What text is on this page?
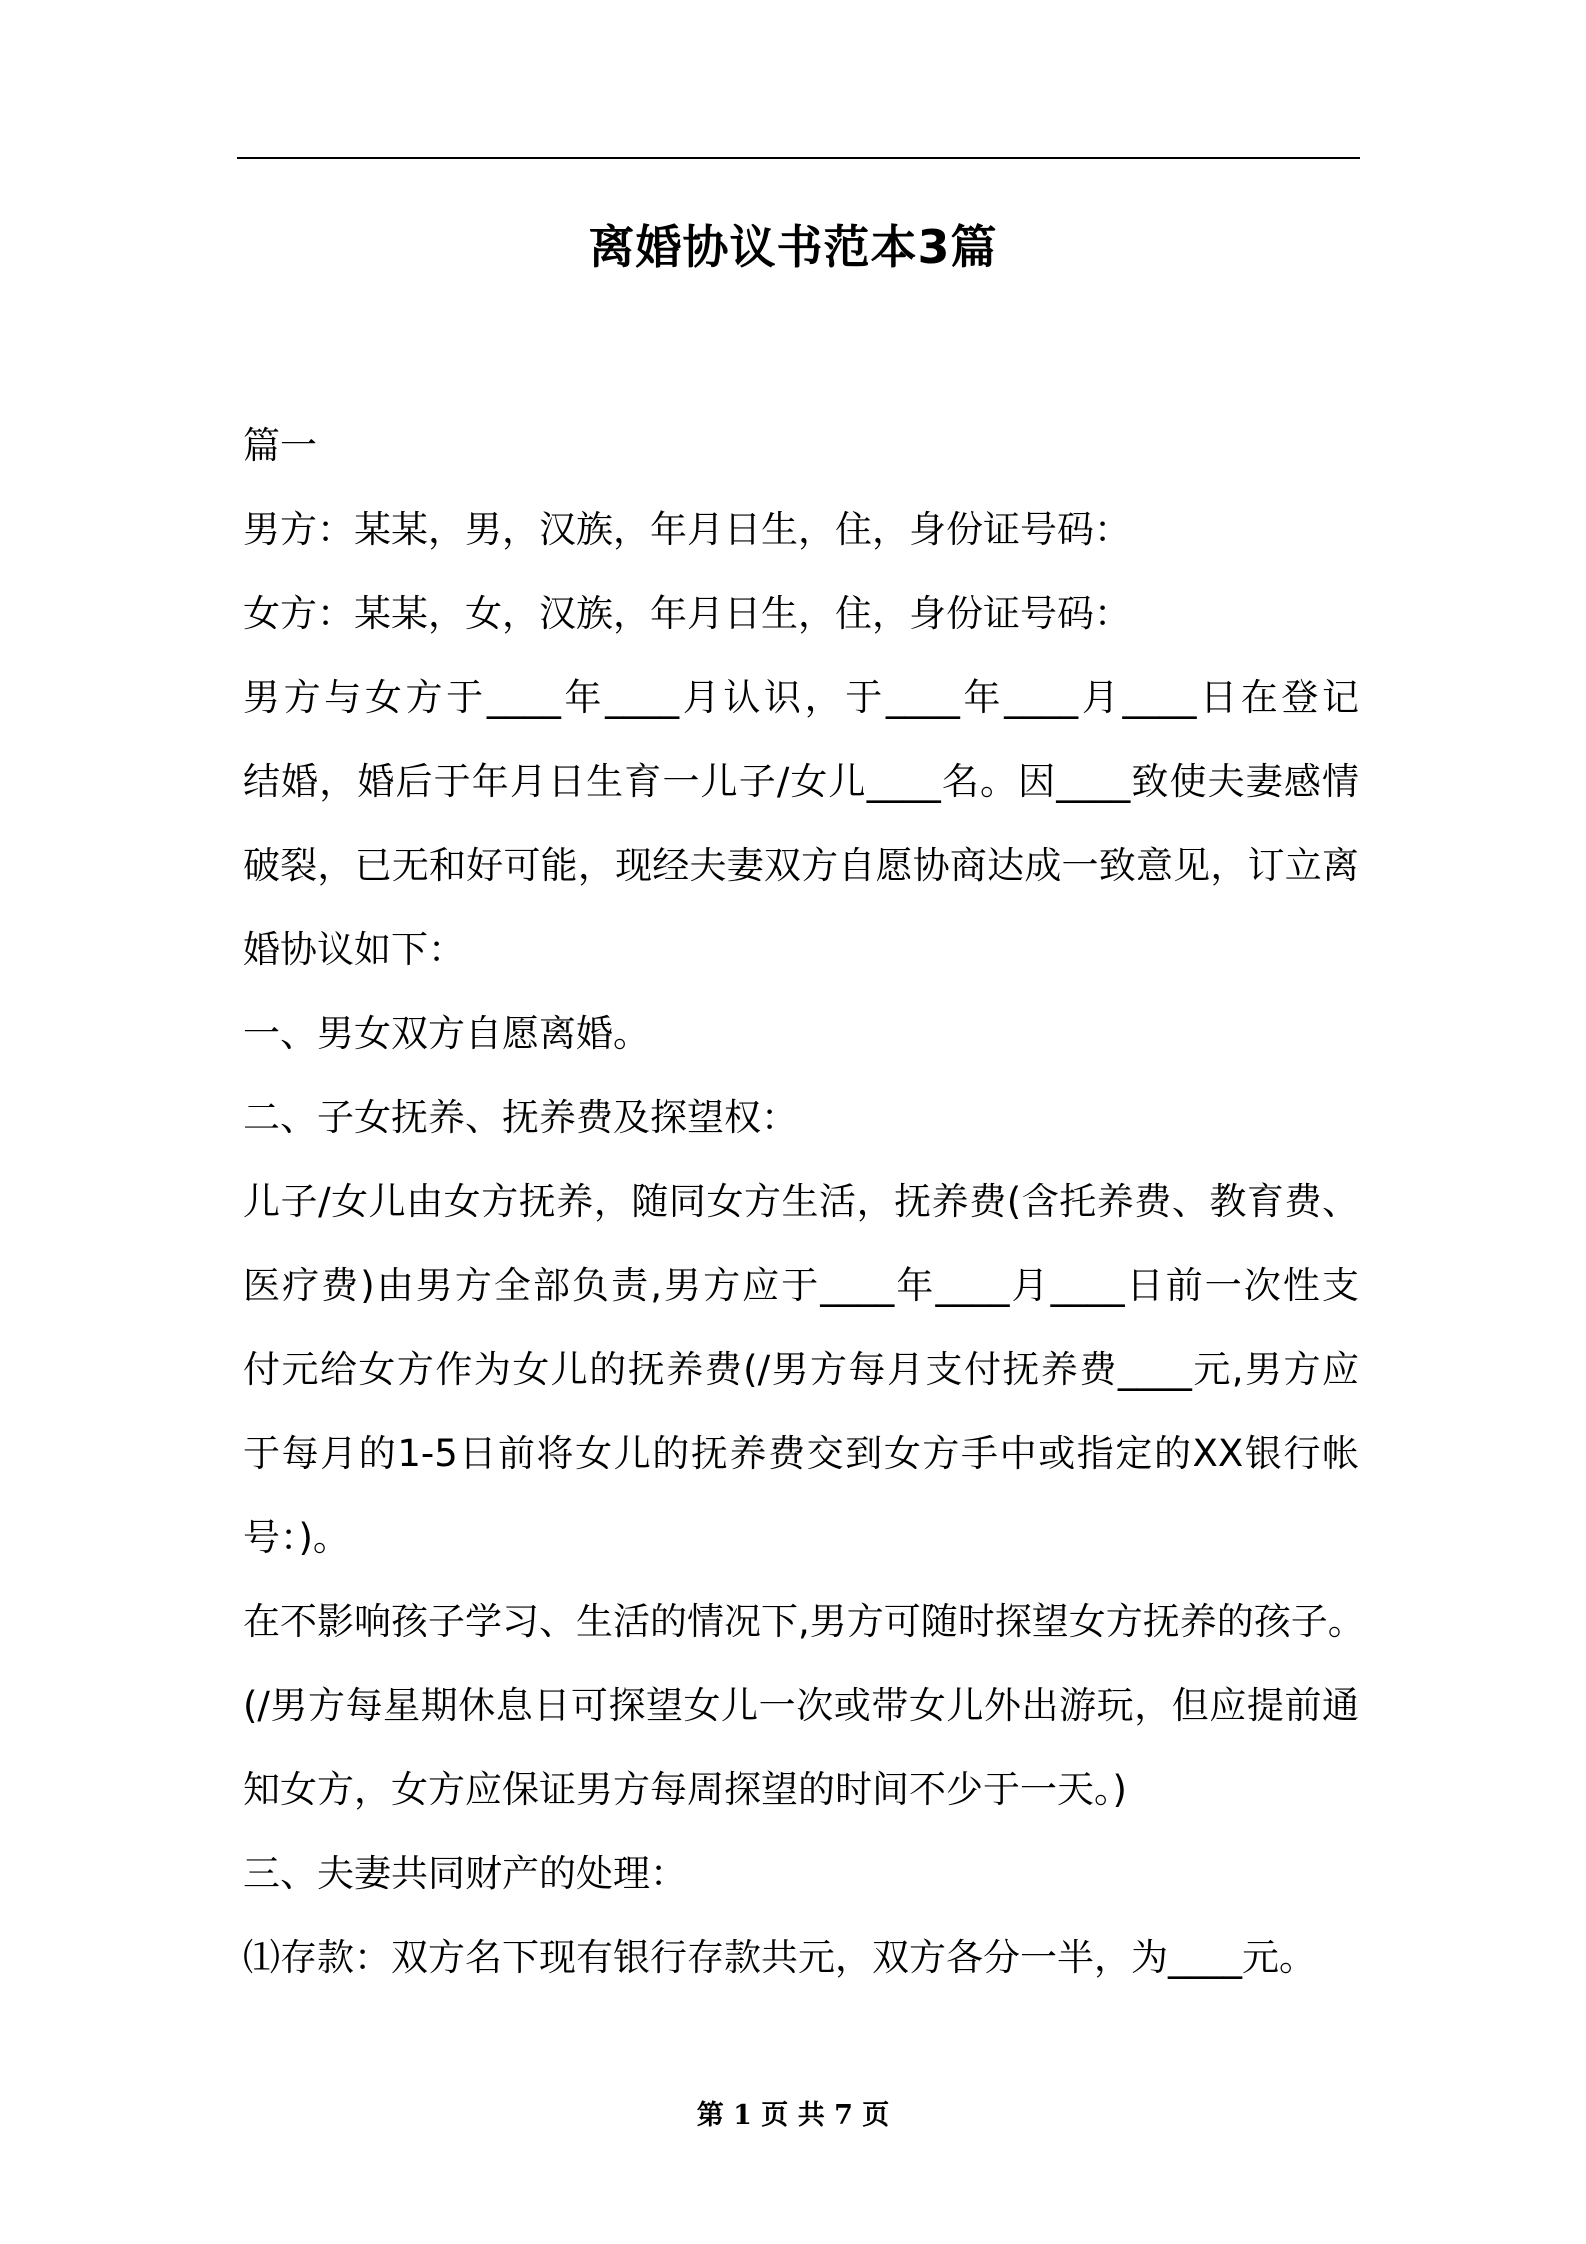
离婚协议书范本3篇
篇一
男方：某某，男，汉族，年月日生，住，身份证号码：
女方：某某，女，汉族，年月日生，住，身份证号码：
男方与女方于____年____月认识，于____年____月____日在登记
结婚，婚后于年月日生育一儿子/女儿____名。因____致使夫妻感情
破裂，已无和好可能，现经夫妻双方自愿协商达成一致意见，订立离
婚协议如下：
一、男女双方自愿离婚。
二、子女抚养、抚养费及探望权：
儿子/女儿由女方抚养，随同女方生活，抚养费(含托养费、教育费、
医疗费)由男方全部负责,男方应于____年____月____日前一次性支
付元给女方作为女儿的抚养费(/男方每月支付抚养费____元,男方应
于每月的1-5日前将女儿的抚养费交到女方手中或指定的XX银行帐
号：)。
在不影响孩子学习、生活的情况下,男方可随时探望女方抚养的孩子。
(/男方每星期休息日可探望女儿一次或带女儿外出游玩，但应提前通
知女方，女方应保证男方每周探望的时间不少于一天。)
三、夫妻共同财产的处理：
⑴存款：双方名下现有银行存款共元，双方各分一半，为____元。
第 1 页 共 7 页
